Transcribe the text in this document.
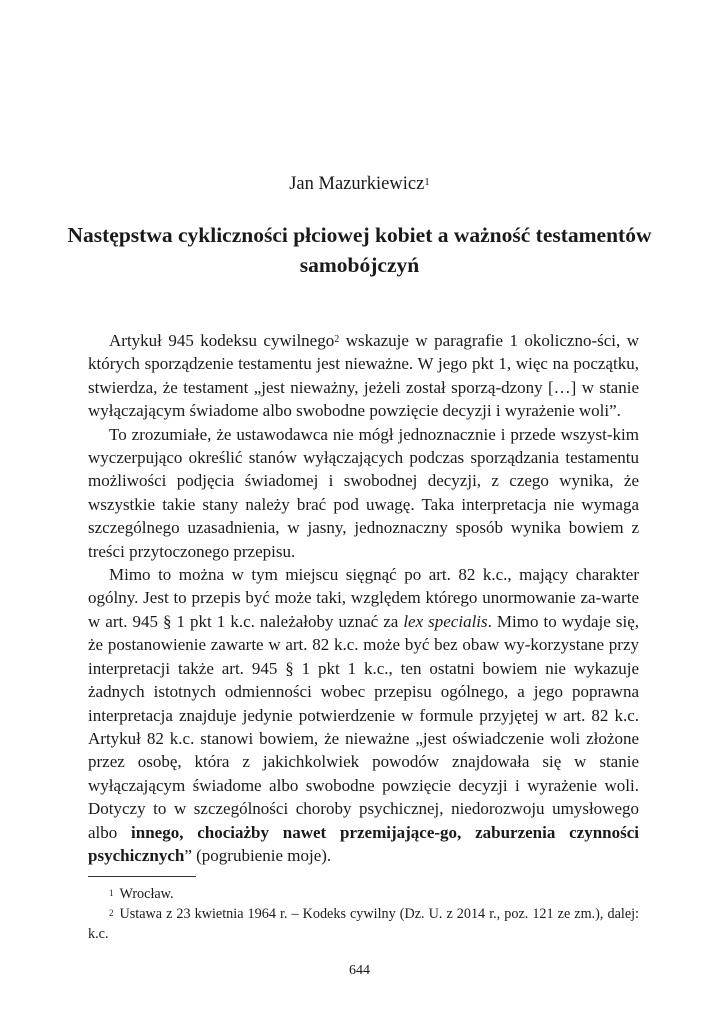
Jan Mazurkiewicz$^1$
Następstwa cykliczności płciowej kobiet a ważność testamentów samobójczyń

Artykuł 945 kodeksu cywilnego$^2$ wskazuje w paragrafie 1 okoliczno-ści, w których sporządzenie testamentu jest nieważne. W jego pkt 1, więc na początku, stwierdza, że testament „jest nieważny, jeżeli został sporzą-dzony […] w stanie wyłączającym świadome albo swobodne powzięcie decyzji i wyrażenie woli”.

To zrozumiałe, że ustawodawca nie mógł jednoznacznie i przede wszyst-kim wyczerpująco określić stanów wyłączających podczas sporządzania testamentu możliwości podjęcia świadomej i swobodnej decyzji, z czego wynika, że wszystkie takie stany należy brać pod uwagę. Taka interpretacja nie wymaga szczególnego uzasadnienia, w jasny, jednoznaczny sposób wynika bowiem z treści przytoczonego przepisu.

Mimo to można w tym miejscu sięgnąć po art. 82 k.c., mający charakter ogólny. Jest to przepis być może taki, względem którego unormowanie za-warte w art. 945 § 1 pkt 1 k.c. należałoby uznać za lex specialis. Mimo to wydaje się, że postanowienie zawarte w art. 82 k.c. może być bez obaw wy-korzystane przy interpretacji także art. 945 § 1 pkt 1 k.c., ten ostatni bowiem nie wykazuje żadnych istotnych odmienności wobec przepisu ogólnego, a jego poprawna interpretacja znajduje jedynie potwierdzenie w formule przyjętej w art. 82 k.c. Artykuł 82 k.c. stanowi bowiem, że nieważne „jest oświadczenie woli złożone przez osobę, która z jakichkolwiek powodów znajdowała się w stanie wyłączającym świadome albo swobodne powzięcie decyzji i wyrażenie woli. Dotyczy to w szczególności choroby psychicznej, niedorozwoju umysłowego albo innego, chociażby nawet przemijające-go, zaburzenia czynności psychicznych” (pogrubienie moje).

$^1$ Wrocław.

$^2$ Ustawa z 23 kwietnia 1964 r. – Kodeks cywilny (Dz. U. z 2014 r., poz. 121 ze zm.), dalej: k.c.

644
